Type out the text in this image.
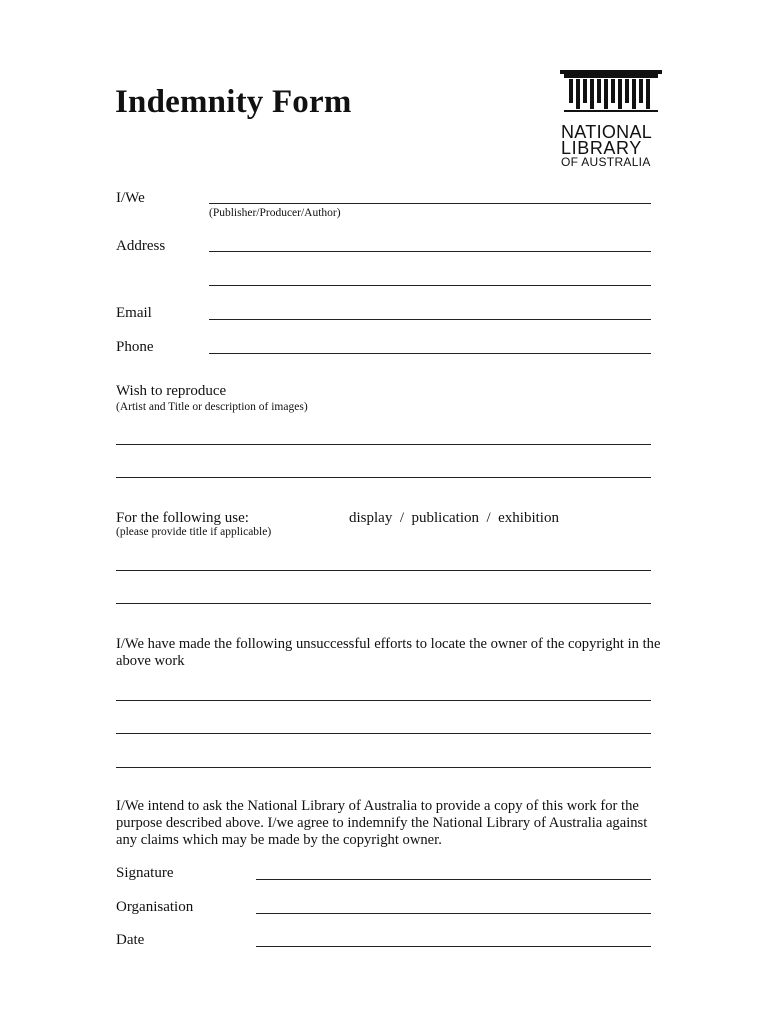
Indemnity Form
NATIONAL
LIBRARY
OF AUSTRALIA
I/We
(Publisher/Producer/Author)
Address
Email
Phone
Wish to reproduce
(Artist and Title or description of images)
For the following use:	display  /  publication  /  exhibition
(please provide title if applicable)
I/We have made the following unsuccessful efforts to locate the owner of the copyright in the above work
I/We intend to ask the National Library of Australia to provide a copy of this work for the purpose described above. I/we agree to indemnify the National Library of Australia against any claims which may be made by the copyright owner.
Signature
Organisation
Date
